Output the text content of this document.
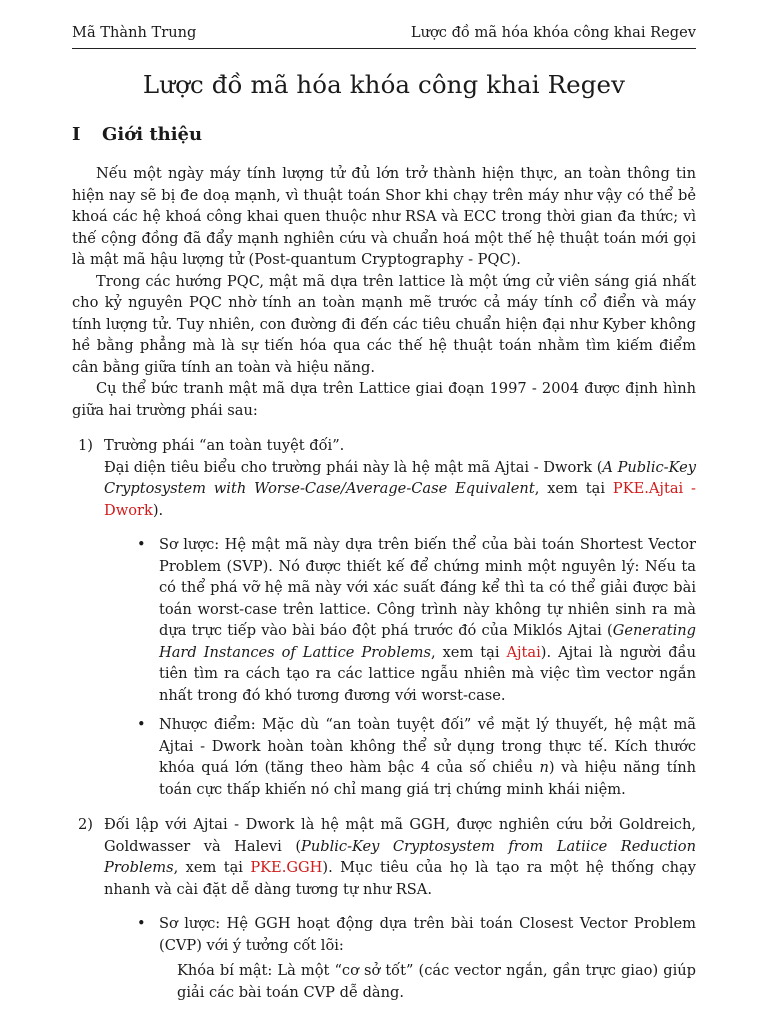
Mã Thành Trung	Lược đồ mã hóa khóa công khai Regev
Lược đồ mã hóa khóa công khai Regev
I Giới thiệu

Nếu một ngày máy tính lượng tử đủ lớn trở thành hiện thực, an toàn thông tin hiện nay sẽ bị đe doạ mạnh, vì thuật toán Shor khi chạy trên máy như vậy có thể bẻ khoá các hệ khoá công khai quen thuộc như RSA và ECC trong thời gian đa thức; vì thế cộng đồng đã đẩy mạnh nghiên cứu và chuẩn hoá một thế hệ thuật toán mới gọi là mật mã hậu lượng tử (Post-quantum Cryptography - PQC).

Trong các hướng PQC, mật mã dựa trên lattice là một ứng cử viên sáng giá nhất cho kỷ nguyên PQC nhờ tính an toàn mạnh mẽ trước cả máy tính cổ điển và máy tính lượng tử. Tuy nhiên, con đường đi đến các tiêu chuẩn hiện đại như Kyber không hề bằng phẳng mà là sự tiến hóa qua các thế hệ thuật toán nhằm tìm kiếm điểm cân bằng giữa tính an toàn và hiệu năng.

Cụ thể bức tranh mật mã dựa trên Lattice giai đoạn 1997 - 2004 được định hình giữa hai trường phái sau:

1) Trường phái “an toàn tuyệt đối”.
Đại diện tiêu biểu cho trường phái này là hệ mật mã Ajtai - Dwork (A Public-Key Cryptosystem with Worse-Case/Average-Case Equivalent, xem tại PKE.Ajtai - Dwork).
• Sơ lược: Hệ mật mã này dựa trên biến thể của bài toán Shortest Vector Problem (SVP). Nó được thiết kế để chứng minh một nguyên lý: Nếu ta có thể phá vỡ hệ mã này với xác suất đáng kể thì ta có thể giải được bài toán worst-case trên lattice. Công trình này không tự nhiên sinh ra mà dựa trực tiếp vào bài báo đột phá trước đó của Miklós Ajtai (Generating Hard Instances of Lattice Problems, xem tại Ajtai). Ajtai là người đầu tiên tìm ra cách tạo ra các lattice ngẫu nhiên mà việc tìm vector ngắn nhất trong đó khó tương đương với worst-case.
• Nhược điểm: Mặc dù “an toàn tuyệt đối” về mặt lý thuyết, hệ mật mã Ajtai - Dwork hoàn toàn không thể sử dụng trong thực tế. Kích thước khóa quá lớn (tăng theo hàm bậc 4 của số chiều n) và hiệu năng tính toán cực thấp khiến nó chỉ mang giá trị chứng minh khái niệm.
2) Đối lập với Ajtai - Dwork là hệ mật mã GGH, được nghiên cứu bởi Goldreich, Goldwasser và Halevi (Public-Key Cryptosystem from Latiice Reduction Problems, xem tại PKE.GGH). Mục tiêu của họ là tạo ra một hệ thống chạy nhanh và cài đặt dễ dàng tương tự như RSA.
• Sơ lược: Hệ GGH hoạt động dựa trên bài toán Closest Vector Problem (CVP) với ý tưởng cốt lõi:
Khóa bí mật: Là một “cơ sở tốt” (các vector ngắn, gần trực giao) giúp giải các bài toán CVP dễ dàng.
